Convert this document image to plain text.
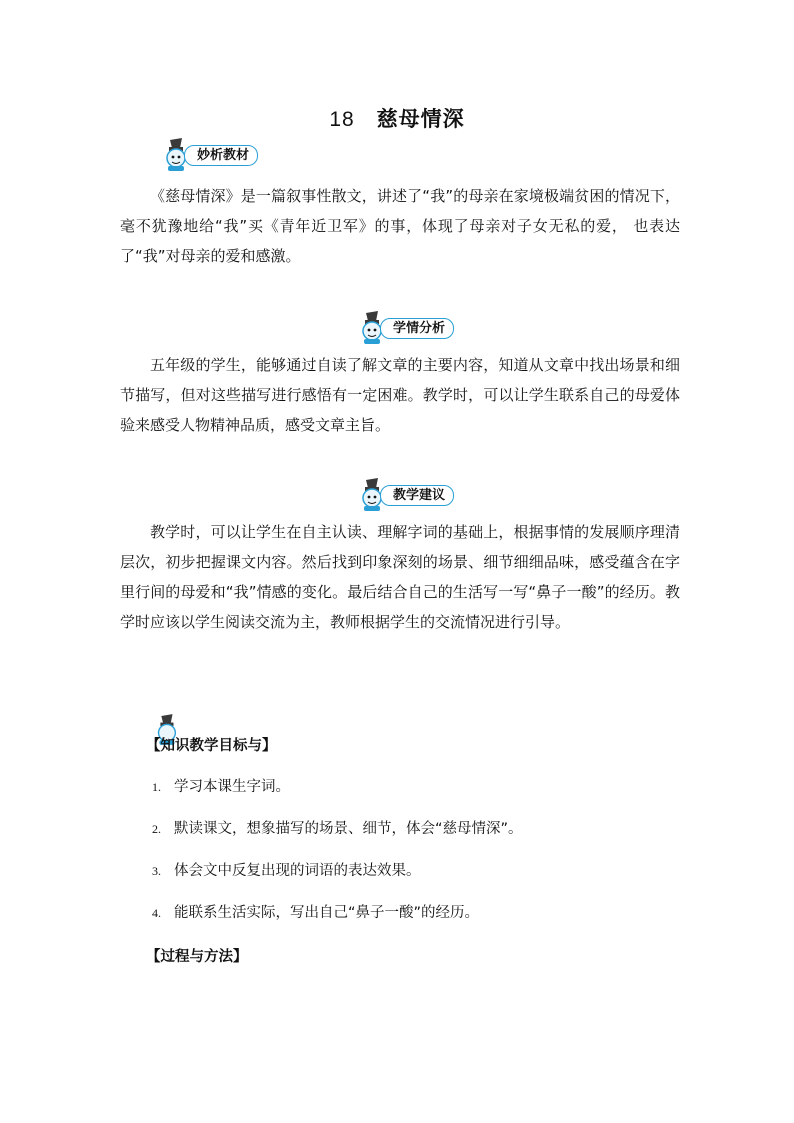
18 慈母情深
妙析教材

《慈母情深》是一篇叙事性散文，讲述了“我”的母亲在家境极端贫困的情况下，毫不犹豫地给“我”买《青年近卫军》的事，体现了母亲对子女无私的爱， 也表达了“我”对母亲的爱和感激。

学情分析

五年级的学生，能够通过自读了解文章的主要内容，知道从文章中找出场景和细节描写，但对这些描写进行感悟有一定困难。教学时，可以让学生联系自己的母爱体验来感受人物精神品质，感受文章主旨。

教学建议

教学时，可以让学生在自主认读、理解字词的基础上，根据事情的发展顺序理清层次，初步把握课文内容。然后找到印象深刻的场景、细节细细品味，感受蕴含在字里行间的母爱和“我”情感的变化。最后结合自己的生活写一写“鼻子一酸”的经历。教学时应该以学生阅读交流为主，教师根据学生的交流情况进行引导。

【知识教学目标与】
1. 学习本课生字词。
2. 默读课文，想象描写的场景、细节，体会“慈母情深”。
3. 体会文中反复出现的词语的表达效果。
4. 能联系生活实际，写出自己“鼻子一酸”的经历。
【过程与方法】
